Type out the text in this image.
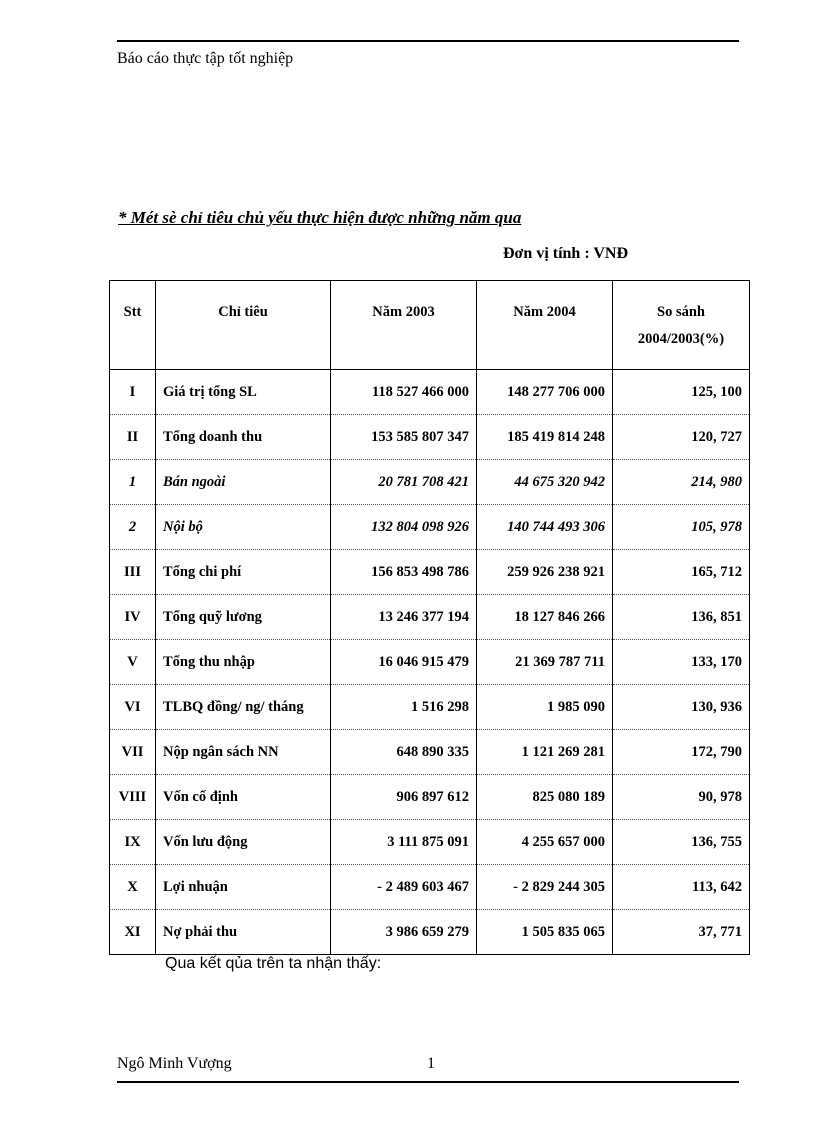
Báo cáo thực tập tốt nghiệp
* Mét sè chỉ tiêu chủ yếu thực hiện được những năm qua
Đơn vị tính : VNĐ
Stt	Chỉ tiêu	Năm 2003	Năm 2004	So sánh
2004/2003(%)

I	Giá trị tổng SL	118 527 466 000	148 277 706 000	125, 100
II	Tổng doanh thu	153 585 807 347	185 419 814 248	120, 727
1	Bán ngoài	20 781 708 421	44 675 320 942	214, 980
2	Nội bộ	132 804 098 926	140 744 493 306	105, 978
III	Tổng chi phí	156 853 498 786	259 926 238 921	165, 712
IV	Tổng quỹ lương	13 246 377 194	18 127 846 266	136, 851
V	Tổng thu nhập	16 046 915 479	21 369 787 711	133, 170
VI	TLBQ đồng/ ng/ tháng	1 516 298	1 985 090	130, 936
VII	Nộp ngân sách NN	648 890 335	1 121 269 281	172, 790
VIII	Vốn cố định	906 897 612	825 080 189	90, 978
IX	Vốn lưu động	3 111 875 091	4 255 657 000	136, 755
X	Lợi nhuận	- 2 489 603 467	- 2 829 244 305	113, 642
XI	Nợ phải thu	3 986 659 279	1 505 835 065	37, 771
Qua kết qủa trên ta nhận thấy:
Ngô Minh Vượng	1
